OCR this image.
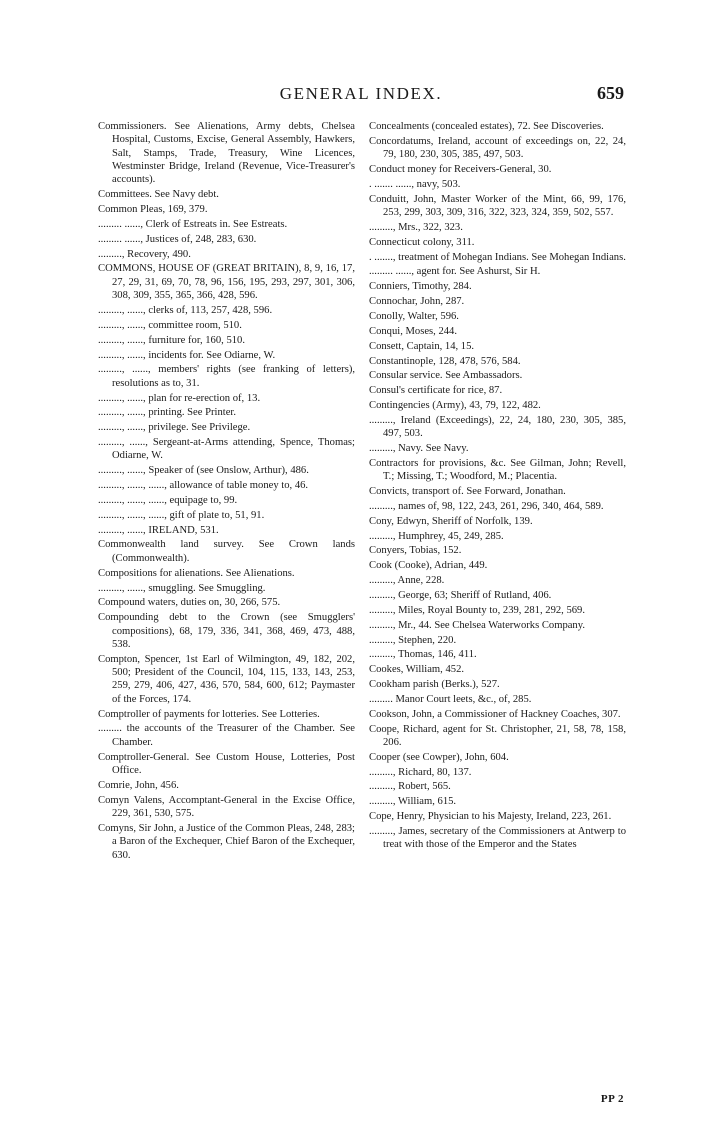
GENERAL INDEX.	659
Commissioners. See Alienations, Army debts, Chelsea Hospital, Customs, Excise, General Assembly, Hawkers, Salt, Stamps, Trade, Treasury, Wine Licences, Westminster Bridge, Ireland (Revenue, Vice-Treasurer's accounts).
Committees. See Navy debt.
Common Pleas, 169, 379.
......... ......, Clerk of Estreats in. See Estreats.
......... ......, Justices of, 248, 283, 630.
........., Recovery, 490.
COMMONS, HOUSE OF (GREAT BRITAIN), 8, 9, 16, 17, 27, 29, 31, 69, 70, 78, 96, 156, 195, 293, 297, 301, 306, 308, 309, 355, 365, 366, 428, 596.
........., ......, clerks of, 113, 257, 428, 596.
........., ......, committee room, 510.
........., ......, furniture for, 160, 510.
........., ......, incidents for. See Odiarne, W.
........., ......, members' rights (see franking of letters), resolutions as to, 31.
........., ......, plan for re-erection of, 13.
........., ......, printing. See Printer.
........., ......, privilege. See Privilege.
........., ......, Sergeant-at-Arms attending, Spence, Thomas; Odiarne, W.
........., ......, Speaker of (see Onslow, Arthur), 486.
........., ......, ......, allowance of table money to, 46.
........., ......, ......, equipage to, 99.
........., ......, ......, gift of plate to, 51, 91.
........., ......, IRELAND, 531.
Commonwealth land survey. See Crown lands (Commonwealth).
Compositions for alienations. See Alienations.
........., ......, smuggling. See Smuggling.
Compound waters, duties on, 30, 266, 575.
Compounding debt to the Crown (see Smugglers' compositions), 68, 179, 336, 341, 368, 469, 473, 488, 538.
Compton, Spencer, 1st Earl of Wilmington, 49, 182, 202, 500; President of the Council, 104, 115, 133, 143, 253, 259, 279, 406, 427, 436, 570, 584, 600, 612; Paymaster of the Forces, 174.
Comptroller of payments for lotteries. See Lotteries.
......... the accounts of the Treasurer of the Chamber. See Chamber.
Comptroller-General. See Custom House, Lotteries, Post Office.
Comrie, John, 456.
Comyn Valens, Accomptant-General in the Excise Office, 229, 361, 530, 575.
Comyns, Sir John, a Justice of the Common Pleas, 248, 283; a Baron of the Exchequer, Chief Baron of the Exchequer, 630.
Concealments (concealed estates), 72. See Discoveries.
Concordatums, Ireland, account of exceedings on, 22, 24, 79, 180, 230, 305, 385, 497, 503.
Conduct money for Receivers-General, 30.
. ....... ......, navy, 503.
Conduitt, John, Master Worker of the Mint, 66, 99, 176, 253, 299, 303, 309, 316, 322, 323, 324, 359, 502, 557.
........., Mrs., 322, 323.
Connecticut colony, 311.
. ......., treatment of Mohegan Indians. See Mohegan Indians.
......... ......, agent for. See Ashurst, Sir H.
Conniers, Timothy, 284.
Connochar, John, 287.
Conolly, Walter, 596.
Conqui, Moses, 244.
Consett, Captain, 14, 15.
Constantinople, 128, 478, 576, 584.
Consular service. See Ambassadors.
Consul's certificate for rice, 87.
Contingencies (Army), 43, 79, 122, 482.
........., Ireland (Exceedings), 22, 24, 180, 230, 305, 385, 497, 503.
........., Navy. See Navy.
Contractors for provisions, &c. See Gilman, John; Revell, T.; Missing, T.; Woodford, M.; Placentia.
Convicts, transport of. See Forward, Jonathan.
........., names of, 98, 122, 243, 261, 296, 340, 464, 589.
Cony, Edwyn, Sheriff of Norfolk, 139.
........., Humphrey, 45, 249, 285.
Conyers, Tobias, 152.
Cook (Cooke), Adrian, 449.
........., Anne, 228.
........., George, 63; Sheriff of Rutland, 406.
........., Miles, Royal Bounty to, 239, 281, 292, 569.
........., Mr., 44. See Chelsea Waterworks Company.
........., Stephen, 220.
........., Thomas, 146, 411.
Cookes, William, 452.
Cookham parish (Berks.), 527.
......... Manor Court leets, &c., of, 285.
Cookson, John, a Commissioner of Hackney Coaches, 307.
Coope, Richard, agent for St. Christopher, 21, 58, 78, 158, 206.
Cooper (see Cowper), John, 604.
........., Richard, 80, 137.
........., Robert, 565.
........., William, 615.
Cope, Henry, Physician to his Majesty, Ireland, 223, 261.
........., James, secretary of the Commissioners at Antwerp to treat with those of the Emperor and the States
PP 2
